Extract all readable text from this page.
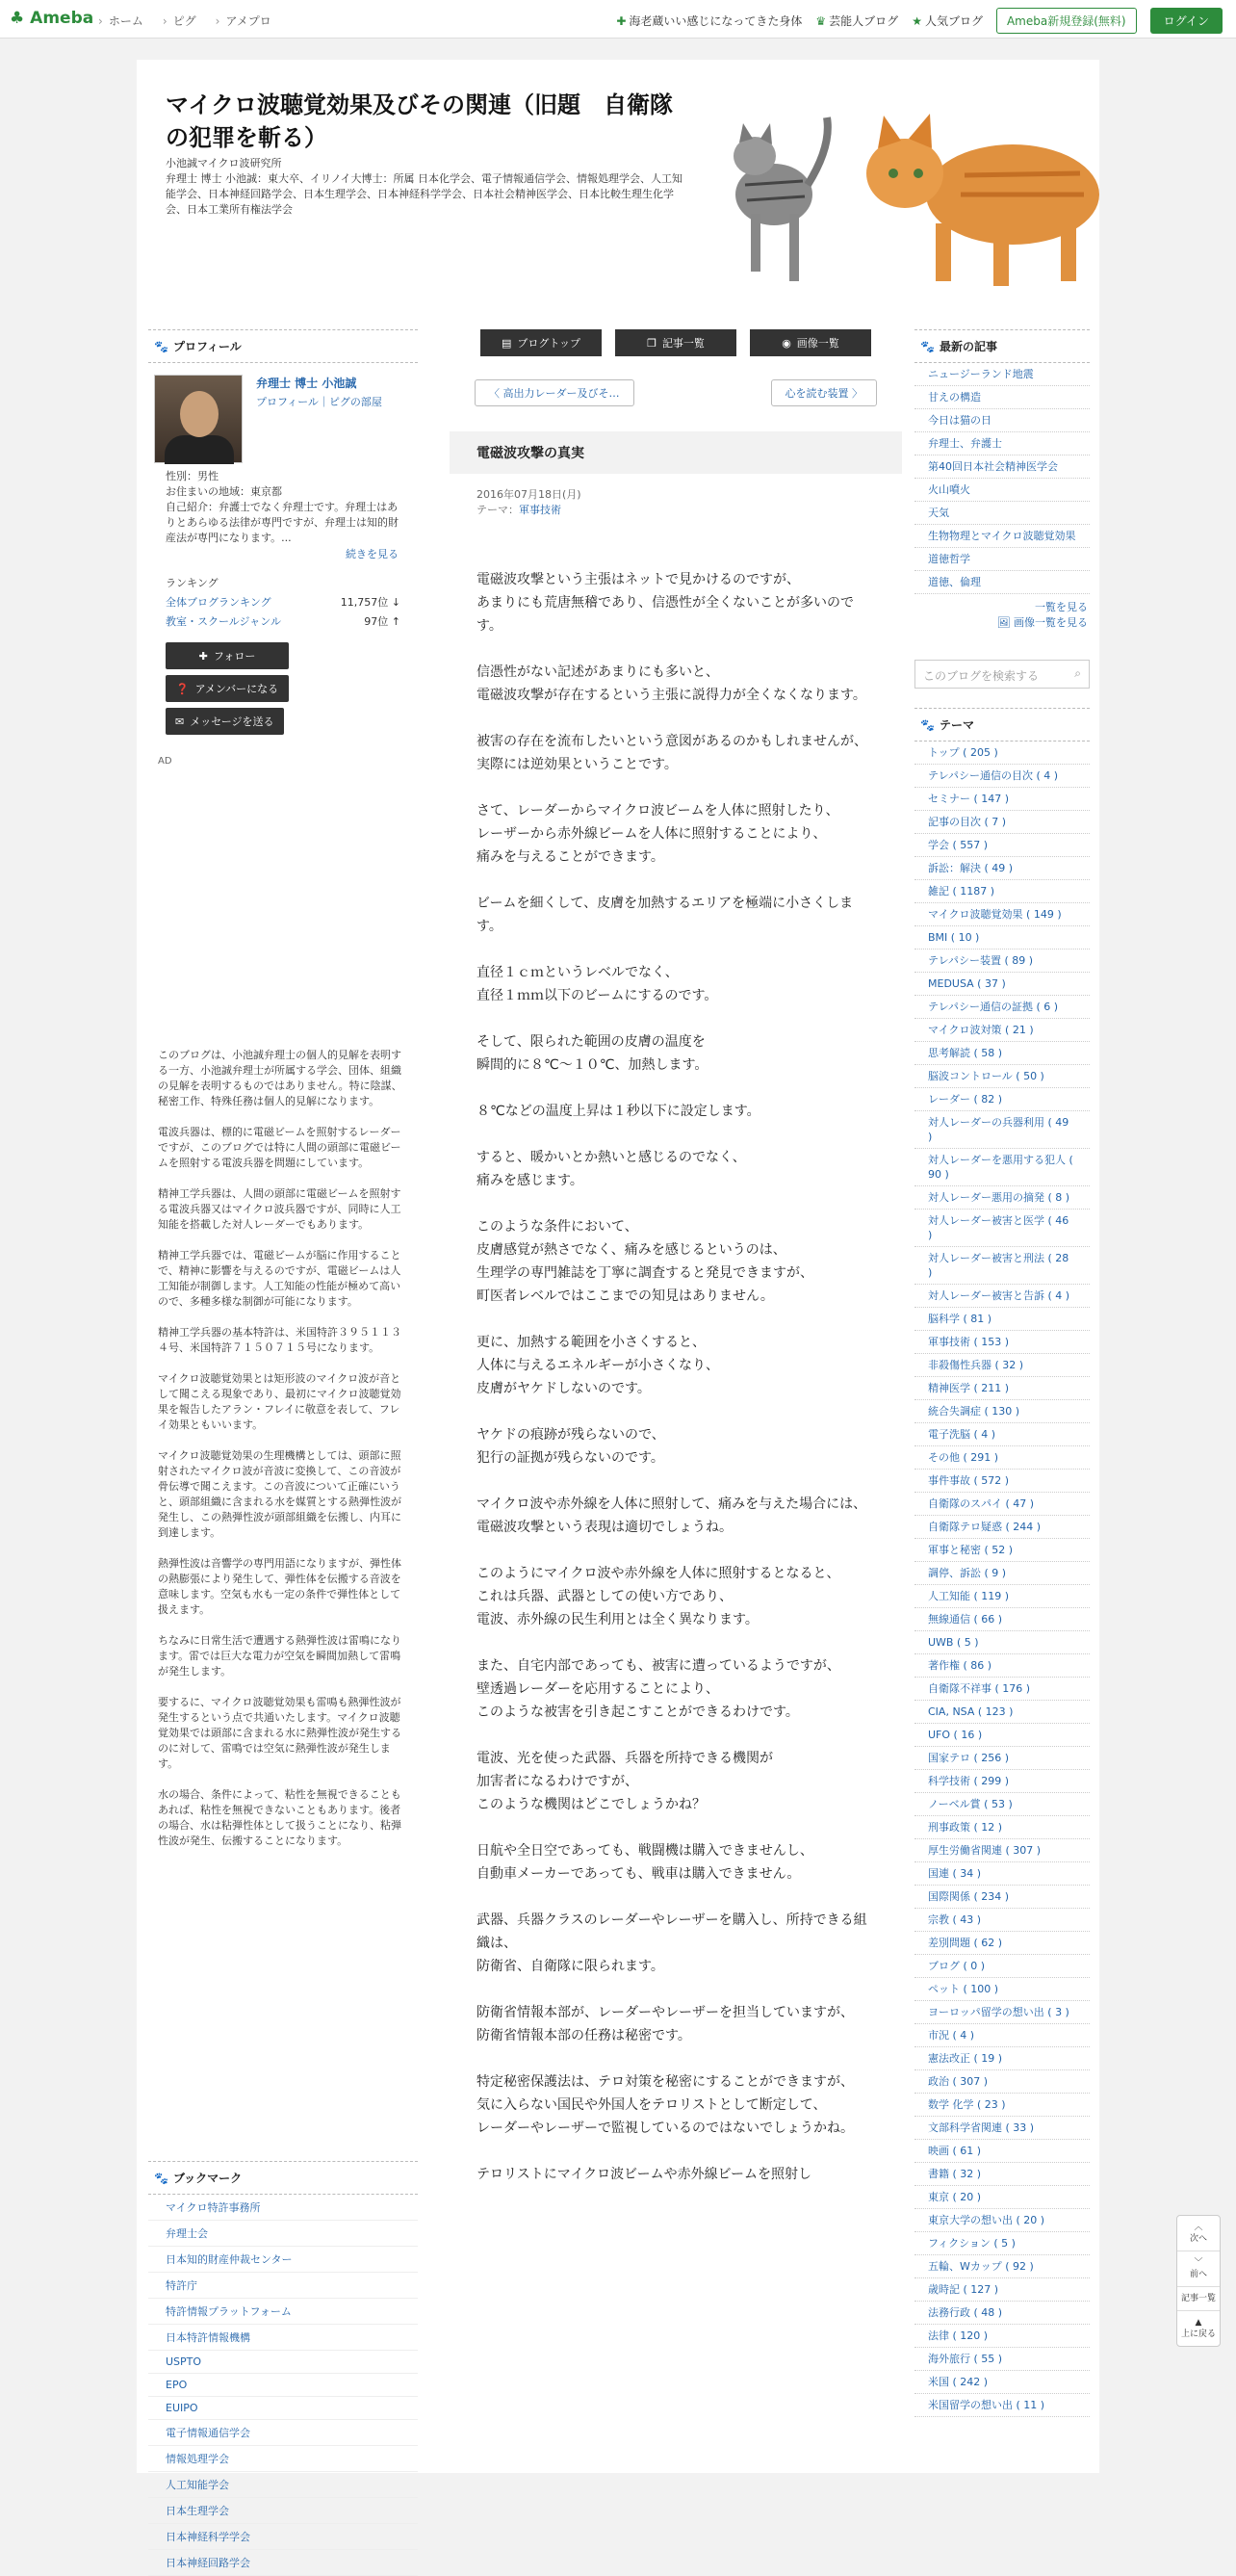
♣ Ameba	› ホーム	› ピグ	› アメプロ	✚ 海老蔵いい感じになってきた身体 ♛ 芸能人ブログ ★ 人気ブログ	Ameba新規登録(無料)	ログイン
マイクロ波聴覚効果及びその関連（旧題　自衛隊の犯罪を斬る）
小池誠マイクロ波研究所
弁理士 博士 小池誠：東大卒、イリノイ大博士：所属 日本化学会、電子情報通信学会、情報処理学会、人工知能学会、日本神経回路学会、日本生理学会、日本神経科学学会、日本社会精神医学会、日本比較生理生化学会、日本工業所有権法学会
🐾 プロフィール
弁理士 博士 小池誠
プロフィール｜ピグの部屋
性別：男性
お住まいの地域：東京都
自己紹介：弁護士でなく弁理士です。弁理士はありとあらゆる法律が専門ですが、弁理士は知的財産法が専門になります。...
続きを見る
ランキング
全体ブログランキング	11,757位 ↓
教室・スクールジャンル	97位 ↑
✚ フォロー
❓ アメンバーになる
✉ メッセージを送る
AD

このブログは、小池誠弁理士の個人的見解を表明する一方、小池誠弁理士が所属する学会、団体、組織の見解を表明するものではありません。特に陰謀、秘密工作、特殊任務は個人的見解になります。

電波兵器は、標的に電磁ビームを照射するレーダーですが、このブログでは特に人間の頭部に電磁ビームを照射する電波兵器を問題にしています。

精神工学兵器は、人間の頭部に電磁ビームを照射する電波兵器又はマイクロ波兵器ですが、同時に人工知能を搭載した対人レーダーでもあります。

精神工学兵器では、電磁ビームが脳に作用することで、精神に影響を与えるのですが、電磁ビームは人工知能が制御します。人工知能の性能が極めて高いので、多種多様な制御が可能になります。

精神工学兵器の基本特許は、米国特許３９５１１３４号、米国特許７１５０７１５号になります。

マイクロ波聴覚効果とは矩形波のマイクロ波が音として聞こえる現象であり、最初にマイクロ波聴覚効果を報告したアラン・フレイに敬意を表して、フレイ効果ともいいます。

マイクロ波聴覚効果の生理機構としては、頭部に照射されたマイクロ波が音波に変換して、この音波が骨伝導で聞こえます。この音波について正確にいうと、頭部組織に含まれる水を媒質とする熱弾性波が発生し、この熱弾性波が頭部組織を伝搬し、内耳に到達します。

熱弾性波は音響学の専門用語になりますが、弾性体の熱膨張により発生して、弾性体を伝搬する音波を意味します。空気も水も一定の条件で弾性体として扱えます。

ちなみに日常生活で遭遇する熱弾性波は雷鳴になります。雷では巨大な電力が空気を瞬間加熱して雷鳴が発生します。

要するに、マイクロ波聴覚効果も雷鳴も熱弾性波が発生するという点で共通いたします。マイクロ波聴覚効果では頭部に含まれる水に熱弾性波が発生するのに対して、雷鳴では空気に熱弾性波が発生します。

水の場合、条件によって、粘性を無視できることもあれば、粘性を無視できないこともあります。後者の場合、水は粘弾性体として扱うことになり、粘弾性波が発生、伝搬することになります。

🐾 ブックマーク
マイクロ特許事務所
弁理士会
日本知的財産仲裁センター
特許庁
特許情報プラットフォーム
日本特許情報機構
USPTO
EPO
EUIPO
電子情報通信学会
情報処理学会
人工知能学会
日本生理学会
日本神経科学学会
日本神経回路学会
▤ ブログトップ	❐ 記事一覧	◉ 画像一覧
〈 高出力レーダー及びそ…	心を読む装置 〉
電磁波攻撃の真実
2016年07月18日(月)
テーマ：軍事技術

電磁波攻撃という主張はネットで見かけるのですが、
あまりにも荒唐無稽であり、信憑性が全くないことが多いのです。

信憑性がない記述があまりにも多いと、
電磁波攻撃が存在するという主張に説得力が全くなくなります。

被害の存在を流布したいという意図があるのかもしれませんが、
実際には逆効果ということです。

さて、レーダーからマイクロ波ビームを人体に照射したり、
レーザーから赤外線ビームを人体に照射することにより、
痛みを与えることができます。

ビームを細くして、皮膚を加熱するエリアを極端に小さくします。

直径１ｃｍというレベルでなく、
直径１ｍｍ以下のビームにするのです。

そして、限られた範囲の皮膚の温度を
瞬間的に８℃～１０℃、加熱します。

８℃などの温度上昇は１秒以下に設定します。

すると、暖かいとか熱いと感じるのでなく、
痛みを感じます。

このような条件において、
皮膚感覚が熱さでなく、痛みを感じるというのは、
生理学の専門雑誌を丁寧に調査すると発見できますが、
町医者レベルではここまでの知見はありません。

更に、加熱する範囲を小さくすると、
人体に与えるエネルギーが小さくなり、
皮膚がヤケドしないのです。

ヤケドの痕跡が残らないので、
犯行の証拠が残らないのです。

マイクロ波や赤外線を人体に照射して、痛みを与えた場合には、
電磁波攻撃という表現は適切でしょうね。

このようにマイクロ波や赤外線を人体に照射するとなると、
これは兵器、武器としての使い方であり、
電波、赤外線の民生利用とは全く異なります。

また、自宅内部であっても、被害に遭っているようですが、
壁透過レーダーを応用することにより、
このような被害を引き起こすことができるわけです。

電波、光を使った武器、兵器を所持できる機関が
加害者になるわけですが、
このような機関はどこでしょうかね？

日航や全日空であっても、戦闘機は購入できませんし、
自動車メーカーであっても、戦車は購入できません。

武器、兵器クラスのレーダーやレーザーを購入し、所持できる組織は、
防衛省、自衛隊に限られます。

防衛省情報本部が、レーダーやレーザーを担当していますが、
防衛省情報本部の任務は秘密です。

特定秘密保護法は、テロ対策を秘密にすることができますが、
気に入らない国民や外国人をテロリストとして断定して、
レーダーやレーザーで監視しているのではないでしょうかね。

テロリストにマイクロ波ビームや赤外線ビームを照射し

🐾 最新の記事
ニュージーランド地震
甘えの構造
今日は猫の日
弁理士、弁護士
第40回日本社会精神医学会
火山噴火
天気
生物物理とマイクロ波聴覚効果
道徳哲学
道徳、倫理
一覧を見る
🖼 画像一覧を見る
このブログを検索する	⌕
🐾 テーマ
トップ ( 205 )
テレパシー通信の目次 ( 4 )
セミナー ( 147 )
記事の目次 ( 7 )
学会 ( 557 )
訴訟：解決 ( 49 )
雑記 ( 1187 )
マイクロ波聴覚効果 ( 149 )
BMI ( 10 )
テレパシー装置 ( 89 )
MEDUSA ( 37 )
テレパシー通信の証拠 ( 6 )
マイクロ波対策 ( 21 )
思考解読 ( 58 )
脳波コントロール ( 50 )
レーダー ( 82 )
対人レーダーの兵器利用 ( 49 )
対人レーダーを悪用する犯人 ( 90 )
対人レーダー悪用の摘発 ( 8 )
対人レーダー被害と医学 ( 46 )
対人レーダー被害と刑法 ( 28 )
対人レーダー被害と告訴 ( 4 )
脳科学 ( 81 )
軍事技術 ( 153 )
非殺傷性兵器 ( 32 )
精神医学 ( 211 )
統合失調症 ( 130 )
電子洗脳 ( 4 )
その他 ( 291 )
事件事故 ( 572 )
自衛隊のスパイ ( 47 )
自衛隊テロ疑惑 ( 244 )
軍事と秘密 ( 52 )
調停、訴訟 ( 9 )
人工知能 ( 119 )
無線通信 ( 66 )
UWB ( 5 )
著作権 ( 86 )
自衛隊不祥事 ( 176 )
CIA, NSA ( 123 )
UFO ( 16 )
国家テロ ( 256 )
科学技術 ( 299 )
ノーベル賞 ( 53 )
刑事政策 ( 12 )
厚生労働省関連 ( 307 )
国連 ( 34 )
国際関係 ( 234 )
宗教 ( 43 )
差別問題 ( 62 )
ブログ ( 0 )
ペット ( 100 )
ヨーロッパ留学の想い出 ( 3 )
市況 ( 4 )
憲法改正 ( 19 )
政治 ( 307 )
数学 化学 ( 23 )
文部科学省関連 ( 33 )
映画 ( 61 )
書籍 ( 32 )
東京 ( 20 )
東京大学の想い出 ( 20 )
フィクション ( 5 )
五輪、Wカップ ( 92 )
歳時記 ( 127 )
法務行政 ( 48 )
法律 ( 120 )
海外旅行 ( 55 )
米国 ( 242 )
米国留学の想い出 ( 11 )
︿
次へ
﹀
前へ
記事一覧
▲
上に戻る
